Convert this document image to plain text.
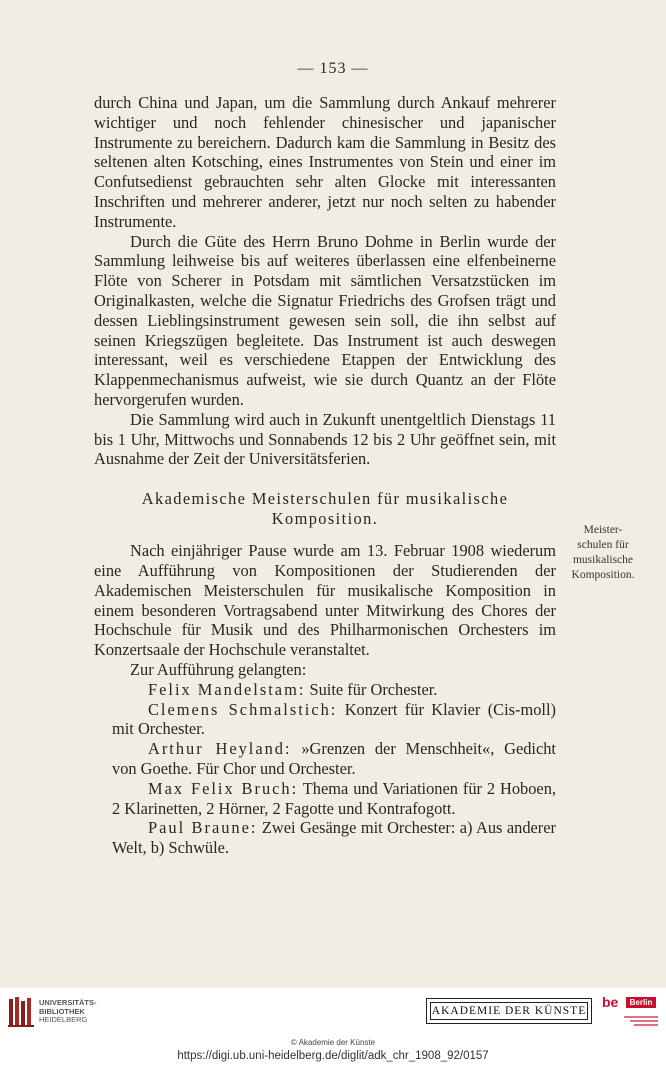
— 153 —

durch China und Japan, um die Sammlung durch Ankauf mehrerer wichtiger und noch fehlender chinesischer und japanischer Instrumente zu bereichern. Dadurch kam die Sammlung in Besitz des seltenen alten Kotsching, eines Instrumentes von Stein und einer im Confutsedienst gebrauchten sehr alten Glocke mit interessanten Inschriften und mehrerer anderer, jetzt nur noch selten zu habender Instrumente.

Durch die Güte des Herrn Bruno Dohme in Berlin wurde der Sammlung leihweise bis auf weiteres überlassen eine elfenbeinerne Flöte von Scherer in Potsdam mit sämtlichen Versatzstücken im Originalkasten, welche die Signatur Friedrichs des Grofsen trägt und dessen Lieblingsinstrument gewesen sein soll, die ihn selbst auf seinen Kriegszügen begleitete. Das Instrument ist auch deswegen interessant, weil es verschiedene Etappen der Entwicklung des Klappenmechanismus aufweist, wie sie durch Quantz an der Flöte hervorgerufen wurden.

Die Sammlung wird auch in Zukunft unentgeltlich Dienstags 11 bis 1 Uhr, Mittwochs und Sonnabends 12 bis 2 Uhr geöffnet sein, mit Ausnahme der Zeit der Universitätsferien.

Akademische Meisterschulen für musikalische
Komposition.

Nach einjähriger Pause wurde am 13. Februar 1908 wiederum eine Aufführung von Kompositionen der Studierenden der Akademischen Meisterschulen für musikalische Komposition in einem besonderen Vortragsabend unter Mitwirkung des Chores der Hochschule für Musik und des Philharmonischen Orchesters im Konzertsaale der Hochschule veranstaltet.

Zur Aufführung gelangten:

Felix Mandelstam: Suite für Orchester.

Clemens Schmalstich: Konzert für Klavier (Cis-moll) mit Orchester.

Arthur Heyland: »Grenzen der Menschheit«, Gedicht von Goethe. Für Chor und Orchester.

Max Felix Bruch: Thema und Variationen für 2 Hoboen, 2 Klarinetten, 2 Hörner, 2 Fagotte und Kontrafogott.

Paul Braune: Zwei Gesänge mit Orchester: a) Aus anderer Welt, b) Schwüle.

Meister-
schulen für
musikalische
Komposition.
UNIVERSITÄTS-
BIBLIOTHEK
HEIDELBERG
AKADEMIE DER KÜNSTE
be	Berlin
© Akademie der Künste
https://digi.ub.uni-heidelberg.de/diglit/adk_chr_1908_92/0157
